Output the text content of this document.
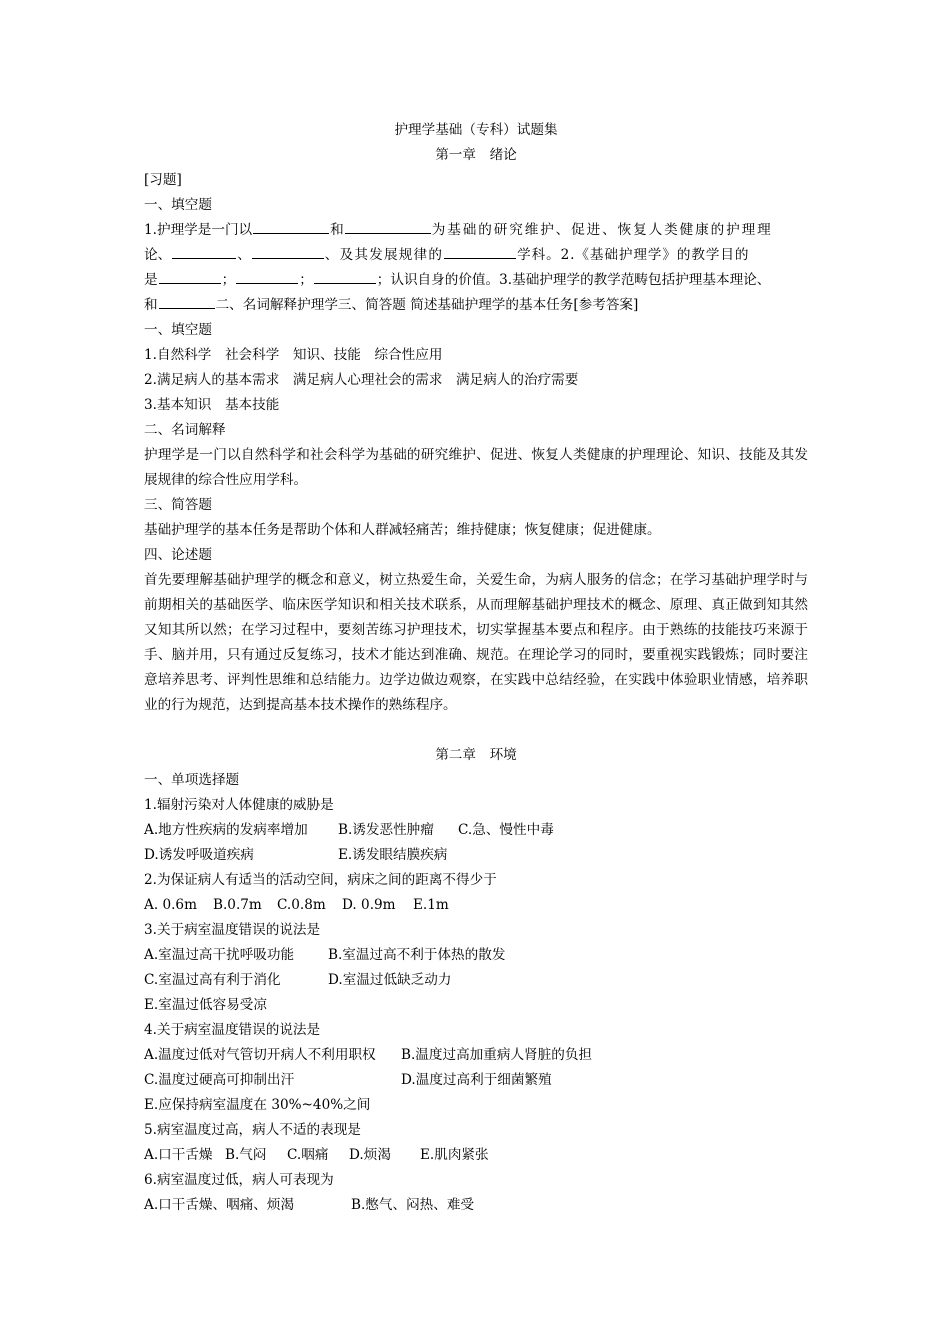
护理学基础（专科）试题集
第一章　绪论
[习题]
一、填空题
1.护理学是一门以	和	为基础的研究维护、促进、恢复人类健康的护理理
论、	、	、及其发展规律的	学科。2.《基础护理学》的教学目的
是	；	；	；认识自身的价值。3.基础护理学的教学范畴包括护理基本理论、
和	二、名词解释护理学三、简答题 简述基础护理学的基本任务[参考答案]
一、填空题
1.自然科学　社会科学　知识、技能　综合性应用
2.满足病人的基本需求　满足病人心理社会的需求　满足病人的治疗需要
3.基本知识　基本技能
二、名词解释
护理学是一门以自然科学和社会科学为基础的研究维护、促进、恢复人类健康的护理理论、知识、技能及其发展规律的综合性应用学科。
三、简答题
基础护理学的基本任务是帮助个体和人群减轻痛苦；维持健康；恢复健康；促进健康。
四、论述题
首先要理解基础护理学的概念和意义，树立热爱生命，关爱生命，为病人服务的信念；在学习基础护理学时与前期相关的基础医学、临床医学知识和相关技术联系，从而理解基础护理技术的概念、原理、真正做到知其然又知其所以然；在学习过程中，要刻苦练习护理技术，切实掌握基本要点和程序。由于熟练的技能技巧来源于手、脑并用，只有通过反复练习，技术才能达到准确、规范。在理论学习的同时，要重视实践锻炼；同时要注意培养思考、评判性思维和总结能力。边学边做边观察，在实践中总结经验，在实践中体验职业情感，培养职业的行为规范，达到提高基本技术操作的熟练程序。
第二章　环境
一、单项选择题
1.辐射污染对人体健康的威胁是
A.地方性疾病的发病率增加 B.诱发恶性肿瘤 C.急、慢性中毒
D.诱发呼吸道疾病	E.诱发眼结膜疾病
2.为保证病人有适当的活动空间，病床之间的距离不得少于
A. 0.6m B.0.7m C.0.8m D. 0.9m E.1m
3.关于病室温度错误的说法是
A.室温过高干扰呼吸功能 B.室温过高不利于体热的散发
C.室温过高有利于消化	D.室温过低缺乏动力
E.室温过低容易受凉
4.关于病室温度错误的说法是
A.温度过低对气管切开病人不利用职权 B.温度过高加重病人肾脏的负担
C.温度过硬高可抑制出汗	D.温度过高利于细菌繁殖
E.应保持病室温度在 30%~40%之间
5.病室温度过高，病人不适的表现是
A.口干舌燥 B.气闷 C.咽痛 D.烦渴 E.肌肉紧张
6.病室温度过低，病人可表现为
A.口干舌燥、咽痛、烦渴	B.憋气、闷热、难受
